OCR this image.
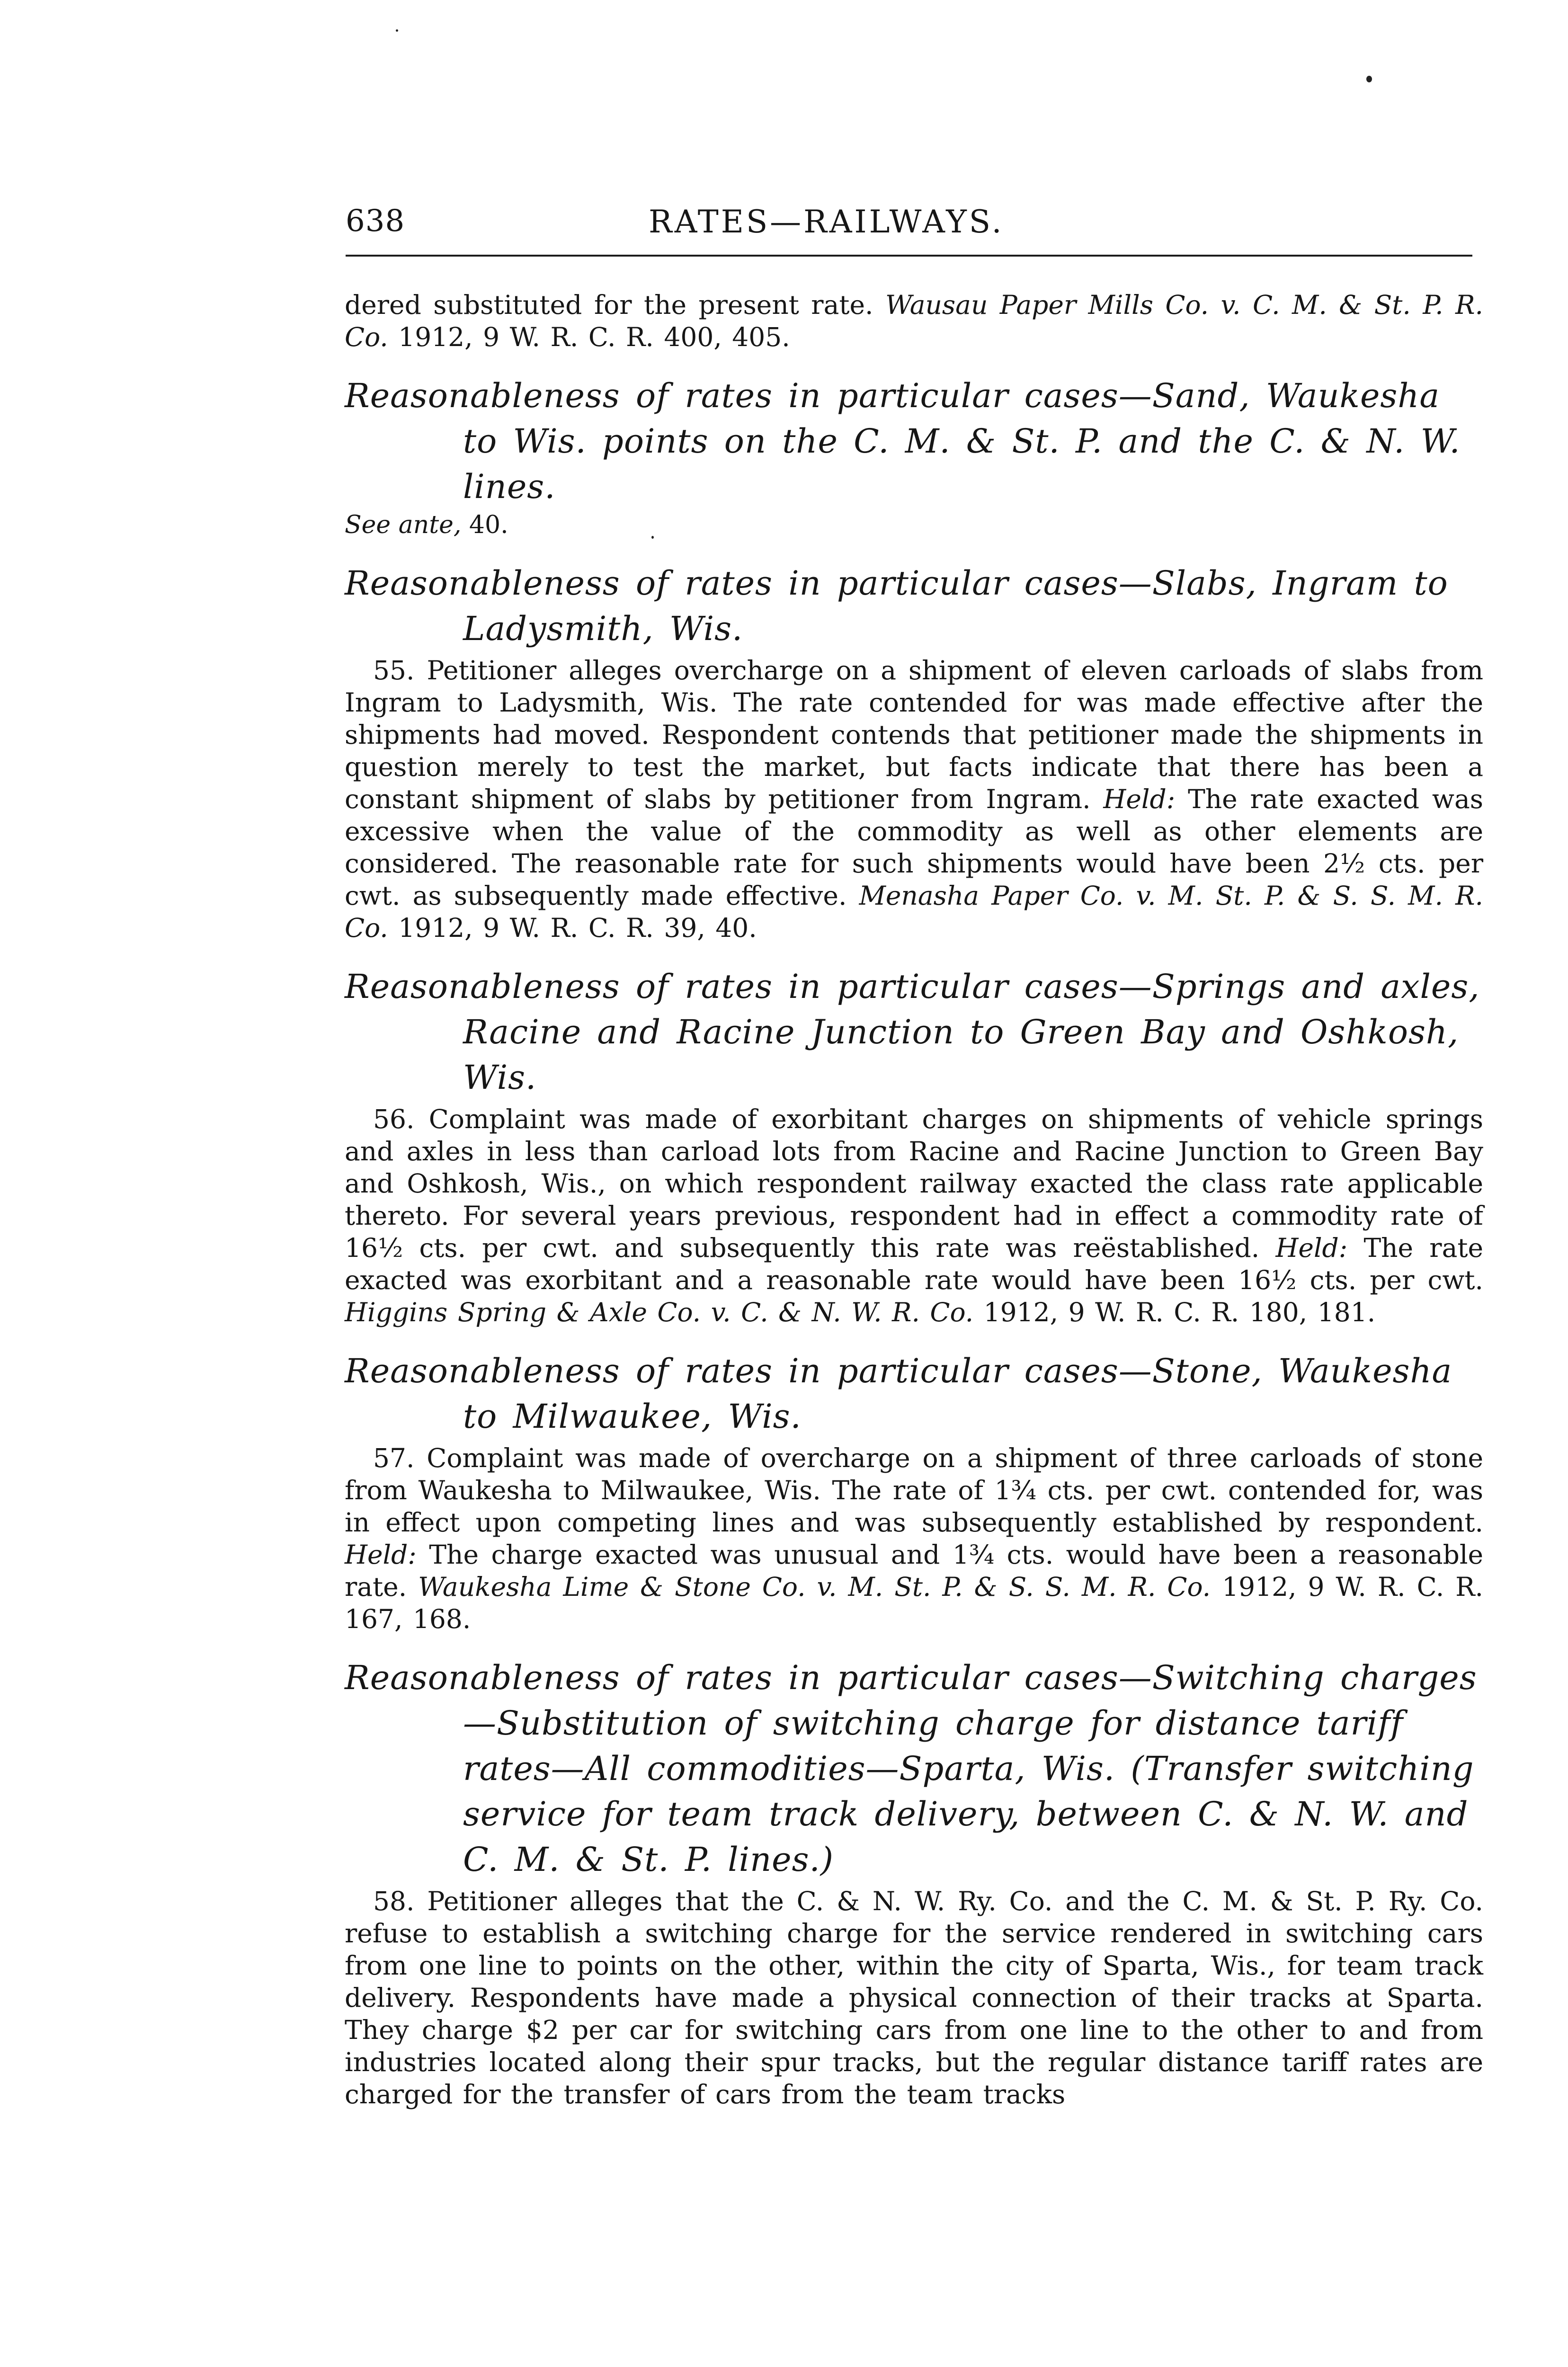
638	RATES—RAILWAYS.

dered substituted for the present rate. Wausau Paper Mills Co. v. C. M. & St. P. R. Co. 1912, 9 W. R. C. R. 400, 405.

Reasonableness of rates in particular cases—Sand, Waukesha to Wis. points on the C. M. & St. P. and the C. & N. W. lines.

See ante, 40.

Reasonableness of rates in particular cases—Slabs, Ingram to Ladysmith, Wis.

55. Petitioner alleges overcharge on a shipment of eleven carloads of slabs from Ingram to Ladysmith, Wis. The rate contended for was made effective after the shipments had moved. Respondent contends that petitioner made the shipments in question merely to test the market, but facts indicate that there has been a constant shipment of slabs by petitioner from Ingram. Held: The rate exacted was excessive when the value of the commodity as well as other elements are considered. The reasonable rate for such shipments would have been 2½ cts. per cwt. as subsequently made effective. Menasha Paper Co. v. M. St. P. & S. S. M. R. Co. 1912, 9 W. R. C. R. 39, 40.

Reasonableness of rates in particular cases—Springs and axles, Racine and Racine Junction to Green Bay and Oshkosh, Wis.

56. Complaint was made of exorbitant charges on shipments of vehicle springs and axles in less than carload lots from Racine and Racine Junction to Green Bay and Oshkosh, Wis., on which respondent railway exacted the class rate applicable thereto. For several years previous, respondent had in effect a commodity rate of 16½ cts. per cwt. and subsequently this rate was reëstablished. Held: The rate exacted was exorbitant and a reasonable rate would have been 16½ cts. per cwt. Higgins Spring & Axle Co. v. C. & N. W. R. Co. 1912, 9 W. R. C. R. 180, 181.

Reasonableness of rates in particular cases—Stone, Waukesha to Milwaukee, Wis.

57. Complaint was made of overcharge on a shipment of three carloads of stone from Waukesha to Milwaukee, Wis. The rate of 1¾ cts. per cwt. contended for, was in effect upon competing lines and was subsequently established by respondent. Held: The charge exacted was unusual and 1¾ cts. would have been a reasonable rate. Waukesha Lime & Stone Co. v. M. St. P. & S. S. M. R. Co. 1912, 9 W. R. C. R. 167, 168.

Reasonableness of rates in particular cases—Switching charges—Substitution of switching charge for distance tariff rates—All commodities—Sparta, Wis. (Transfer switching service for team track delivery, between C. & N. W. and C. M. & St. P. lines.)

58. Petitioner alleges that the C. & N. W. Ry. Co. and the C. M. & St. P. Ry. Co. refuse to establish a switching charge for the service rendered in switching cars from one line to points on the other, within the city of Sparta, Wis., for team track delivery. Respondents have made a physical connection of their tracks at Sparta. They charge $2 per car for switching cars from one line to the other to and from industries located along their spur tracks, but the regular distance tariff rates are charged for the transfer of cars from the team tracks
